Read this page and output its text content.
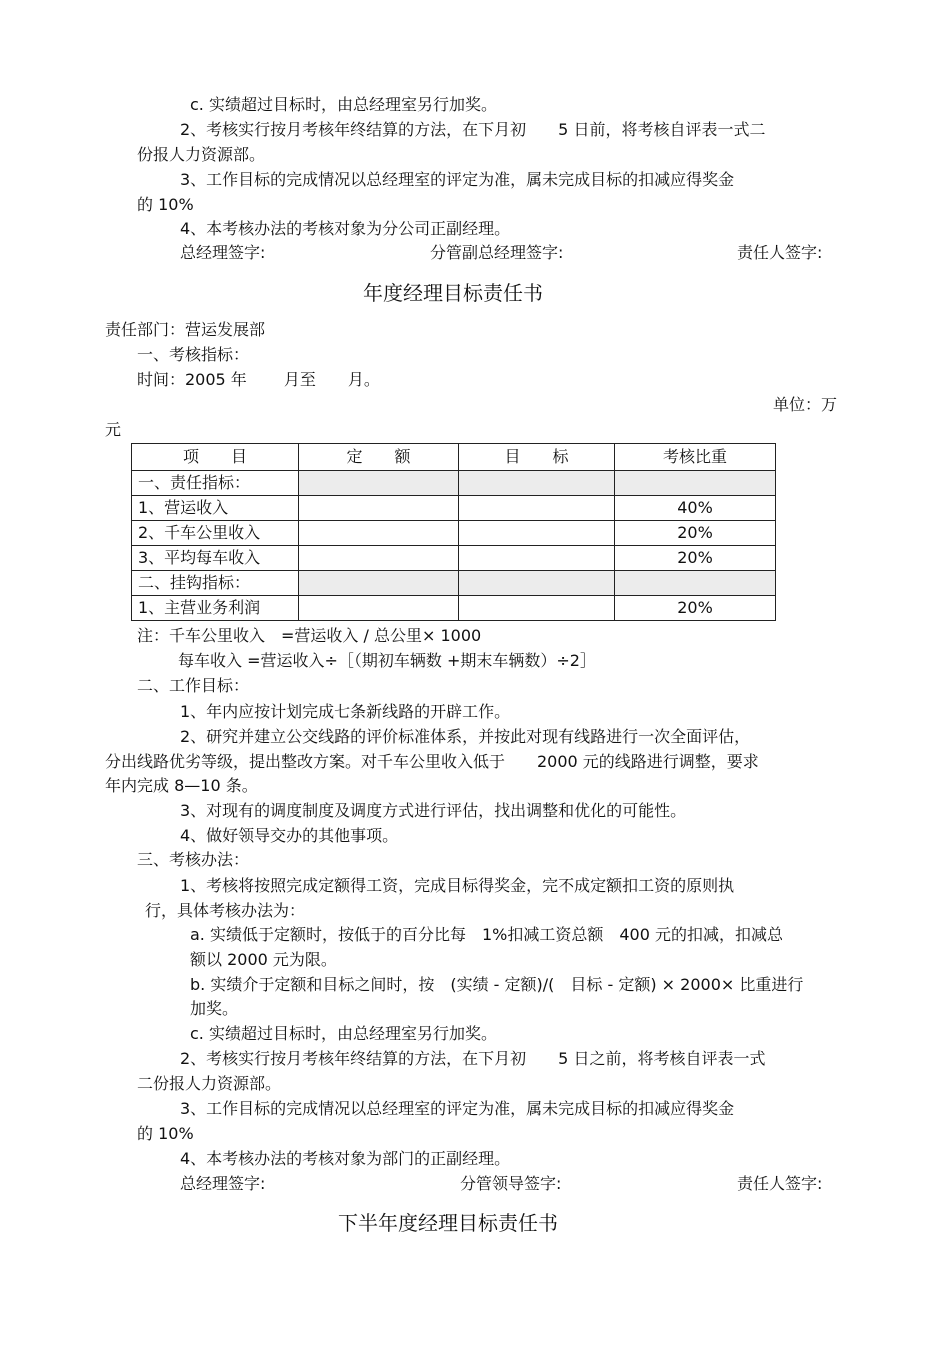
c. 实绩超过目标时，由总经理室另行加奖。
2、考核实行按月考核年终结算的方法，在下月初　　5 日前，将考核自评表一式二
份报人力资源部。
3、工作目标的完成情况以总经理室的评定为准，属未完成目标的扣减应得奖金
的 10%
4、本考核办法的考核对象为分公司正副经理。
总经理签字:	分管副总经理签字:	责任人签字:
年度经理目标责任书
责任部门：营运发展部
一、考核指标：
时间：2005 年　　 月至　　月。
单位：万
元
项　　目	定　　额	目　　标	考核比重
一、责任指标：			
1、营运收入			40%
2、千车公里收入			20%
3、平均每车收入			20%
二、挂钩指标：			
1、主营业务利润			20%
注：千车公里收入　=营运收入 / 总公里× 1000
每车收入 =营运收入÷［（期初车辆数 +期末车辆数）÷2］
二、工作目标：
1、年内应按计划完成七条新线路的开辟工作。
2、研究并建立公交线路的评价标准体系，并按此对现有线路进行一次全面评估，
分出线路优劣等级，提出整改方案。对千车公里收入低于　　2000 元的线路进行调整，要求
年内完成 8—10 条。
3、对现有的调度制度及调度方式进行评估，找出调整和优化的可能性。
4、做好领导交办的其他事项。
三、考核办法：
1、考核将按照完成定额得工资，完成目标得奖金，完不成定额扣工资的原则执
行，具体考核办法为：
a. 实绩低于定额时，按低于的百分比每　1%扣减工资总额　400 元的扣减，扣减总
额以 2000 元为限。
b. 实绩介于定额和目标之间时，按　(实绩 - 定额)/(　目标 - 定额) × 2000× 比重进行
加奖。
c. 实绩超过目标时，由总经理室另行加奖。
2、考核实行按月考核年终结算的方法，在下月初　　5 日之前，将考核自评表一式
二份报人力资源部。
3、工作目标的完成情况以总经理室的评定为准，属未完成目标的扣减应得奖金
的 10%
4、本考核办法的考核对象为部门的正副经理。
总经理签字:	分管领导签字:	责任人签字:
下半年度经理目标责任书
